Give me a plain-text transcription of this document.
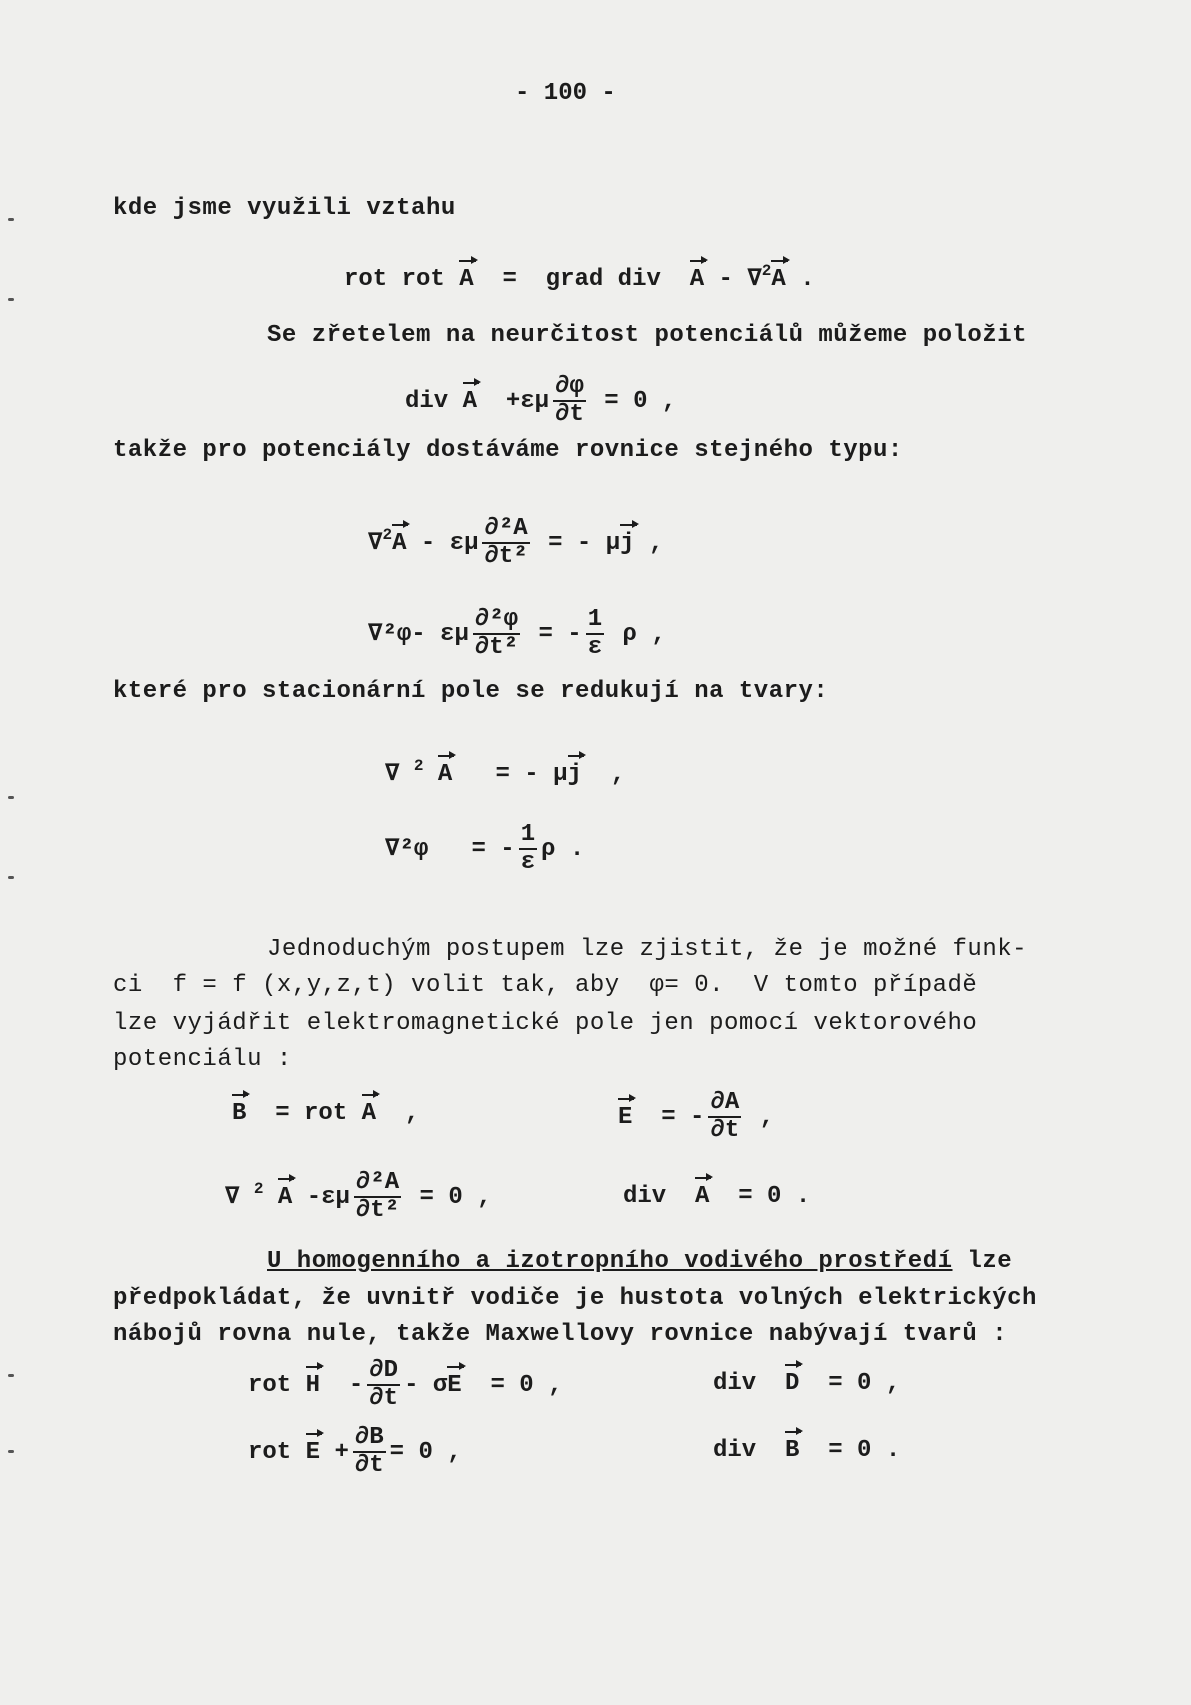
- 100 -
kde jsme využili vztahu
rot rot A = grad div A - ∇2A .
Se zřetelem na neurčitost potenciálů můžeme položit
div $A +\varepsilon\mu \frac{\partial\varphi}{\partial t} = 0$ ,
takže pro potenciály dostáváme rovnice stejného typu:
∇2A - εμ $\frac{\text{∂²A}}{\text{∂t²}}$ = - μj ,
∇²φ- εμ $\frac{\text{∂²φ}}{\text{∂t²}}$ = - $\frac{1}{\varepsilon}$ ρ ,
které pro stacionární pole se redukují na tvary:
∇ 2 A = - μj ,
∇²φ = - $\frac{1}{\varepsilon}$ ρ .
Jednoduchým postupem lze zjistit, že je možné funk-
ci  f = f (x,y,z,t) volit tak, aby  φ= 0.  V tomto případě
lze vyjádřit elektromagnetické pole jen pomocí vektorového
potenciálu :
B = rot A ,	E = - $\frac{\partial A}{\partial t}$ ,
∇ 2 A $-\varepsilon\mu \frac{\text{∂²A}}{\text{∂t²}} = 0$ ,	div A = 0 .
U homogenního a izotropního vodivého prostředí lze
předpokládat, že uvnitř vodiče je hustota volných elektrických
nábojů rovna nule, takže Maxwellovy rovnice nabývají tvarů :
rot $H - \frac{\partial D}{\partial t} - \sigma E = 0$ ,	div D = 0 ,
rot $E + \frac{\partial B}{\partial t} = 0$ ,	div B = 0 .
